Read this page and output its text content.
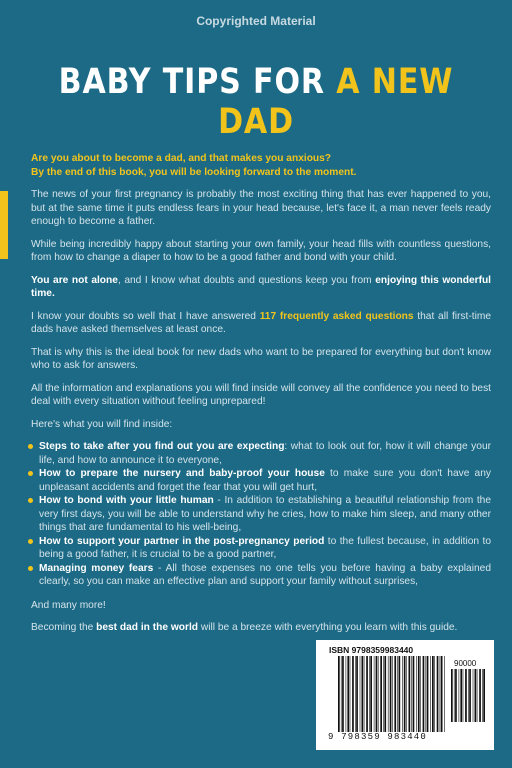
Copyrighted Material
BABY TIPS FOR A NEW DAD
Are you about to become a dad, and that makes you anxious?
By the end of this book, you will be looking forward to the moment.

The news of your first pregnancy is probably the most exciting thing that has ever happened to you, but at the same time it puts endless fears in your head because, let's face it, a man never feels ready enough to become a father.

While being incredibly happy about starting your own family, your head fills with countless questions, from how to change a diaper to how to be a good father and bond with your child.

You are not alone, and I know what doubts and questions keep you from enjoying this wonderful time.

I know your doubts so well that I have answered 117 frequently asked questions that all first-time dads have asked themselves at least once.

That is why this is the ideal book for new dads who want to be prepared for everything but don't know who to ask for answers.

All the information and explanations you will find inside will convey all the confidence you need to best deal with every situation without feeling unprepared!

Here's what you will find inside:

Steps to take after you find out you are expecting: what to look out for, how it will change your life, and how to announce it to everyone,
How to prepare the nursery and baby-proof your house to make sure you don't have any unpleasant accidents and forget the fear that you will get hurt,
How to bond with your little human - In addition to establishing a beautiful relationship from the very first days, you will be able to understand why he cries, how to make him sleep, and many other things that are fundamental to his well-being,
How to support your partner in the post-pregnancy period to the fullest because, in addition to being a good father, it is crucial to be a good partner,
Managing money fears - All those expenses no one tells you before having a baby explained clearly, so you can make an effective plan and support your family without surprises,

And many more!

Becoming the best dad in the world will be a breeze with everything you learn with this guide.

ISBN 9798359983440
90000
9 798359 983440
